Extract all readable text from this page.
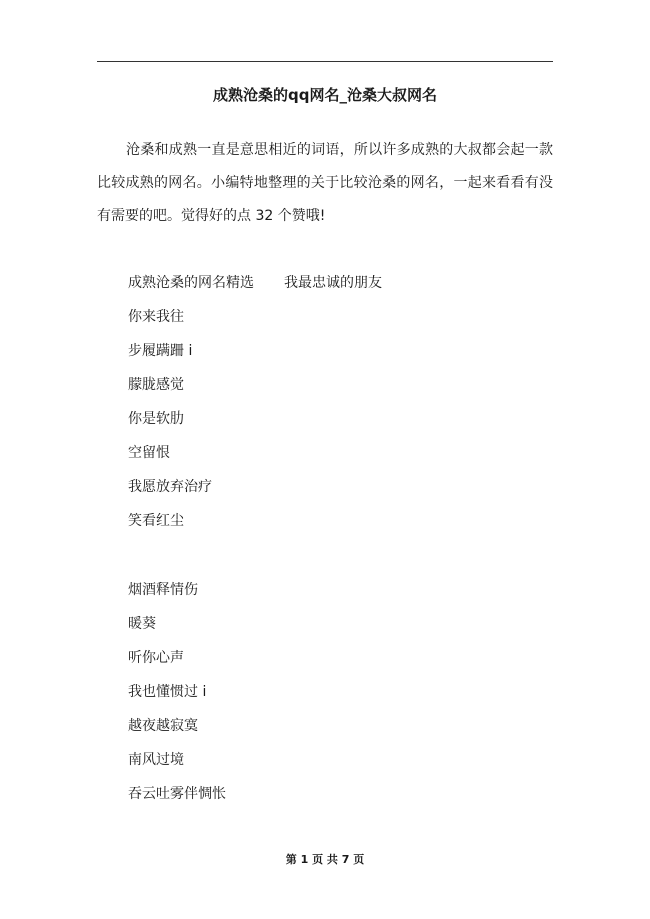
成熟沧桑的qq网名_沧桑大叔网名

沧桑和成熟一直是意思相近的词语，所以许多成熟的大叔都会起一款比较成熟的网名。小编特地整理的关于比较沧桑的网名，一起来看看有没有需要的吧。觉得好的点 32 个赞哦!

成熟沧桑的网名精选 我最忠诚的朋友
你来我往
步履蹒跚 i
朦胧感觉
你是软肋
空留恨
我愿放弃治疗
笑看红尘
烟酒释情伤
暖葵
听你心声
我也懂惯过 i
越夜越寂寞
南风过境
吞云吐雾伴惆怅
第 1 页 共 7 页
